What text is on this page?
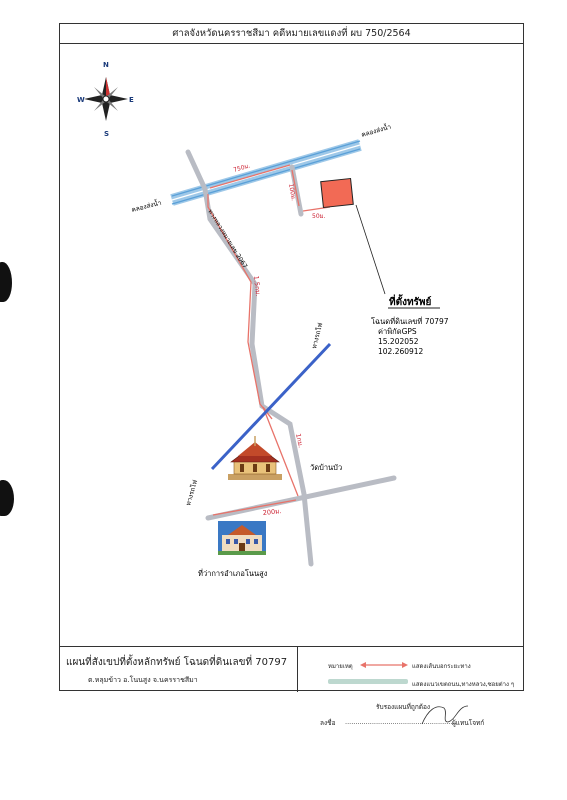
ศาลจังหวัดนครราชสีมา คดีหมายเลขแดงที่ ผบ 750/2564
N
S
E
W
คลองส่งน้ำ
คลองส่งน้ำ
750ม.
100ม.
50ม.
1.5กม.
1กม.
200ม.
ทางหลวงหมายเลข 2067
ทางรถไฟ
ทางรถไฟ
วัดบ้านบัว
ที่ว่าการอำเภอโนนสูง
ที่ตั้งทรัพย์
โฉนดที่ดินเลขที่ 70797
ค่าพิกัดGPS
15.202052
102.260912
แผนที่สังเขปที่ตั้งหลักทรัพย์ โฉนดที่ดินเลขที่ 70797
ต.หลุมข้าว อ.โนนสูง จ.นครราชสีมา
หมายเหตุ	แสดงเส้นบอกระยะทาง
แสดงแนวเขตถนน,ทางหลวง,ซอยต่าง ๆ
รับรองแผนที่ถูกต้อง
ลงชื่อ ......................................................
ผู้แทนโจทก์
